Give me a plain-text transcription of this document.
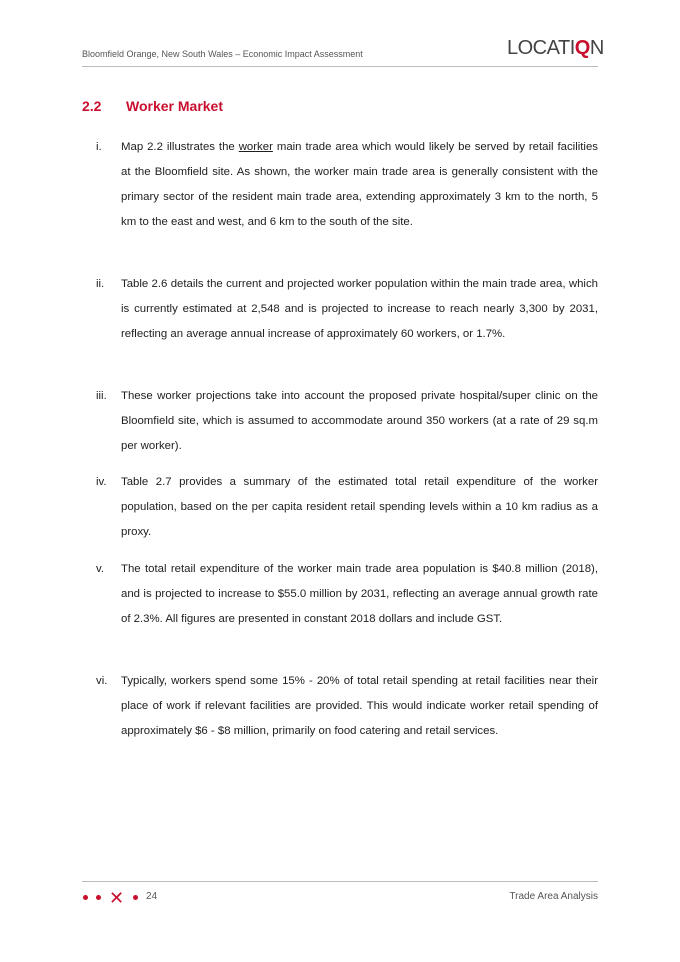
Bloomfield Orange, New South Wales – Economic Impact Assessment	LOCATIQN
2.2 Worker Market
i. Map 2.2 illustrates the worker main trade area which would likely be served by retail facilities at the Bloomfield site. As shown, the worker main trade area is generally consistent with the primary sector of the resident main trade area, extending approximately 3 km to the north, 5 km to the east and west, and 6 km to the south of the site.
ii. Table 2.6 details the current and projected worker population within the main trade area, which is currently estimated at 2,548 and is projected to increase to reach nearly 3,300 by 2031, reflecting an average annual increase of approximately 60 workers, or 1.7%.
iii. These worker projections take into account the proposed private hospital/super clinic on the Bloomfield site, which is assumed to accommodate around 350 workers (at a rate of 29 sq.m per worker).
iv. Table 2.7 provides a summary of the estimated total retail expenditure of the worker population, based on the per capita resident retail spending levels within a 10 km radius as a proxy.
v. The total retail expenditure of the worker main trade area population is $40.8 million (2018), and is projected to increase to $55.0 million by 2031, reflecting an average annual growth rate of 2.3%. All figures are presented in constant 2018 dollars and include GST.
vi. Typically, workers spend some 15% - 20% of total retail spending at retail facilities near their place of work if relevant facilities are provided. This would indicate worker retail spending of approximately $6 - $8 million, primarily on food catering and retail services.
✕ 24	Trade Area Analysis
